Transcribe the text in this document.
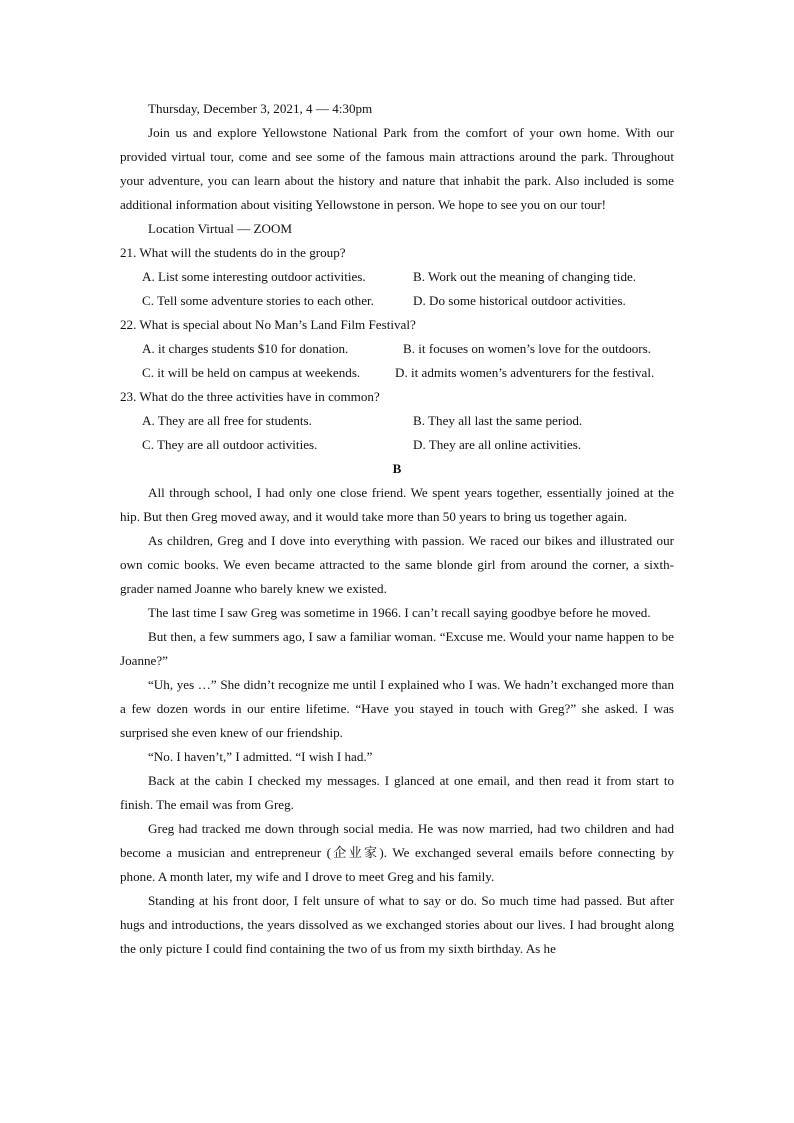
Thursday, December 3, 2021, 4 — 4:30pm

Join us and explore Yellowstone National Park from the comfort of your own home. With our provided virtual tour, come and see some of the famous main attractions around the park. Throughout your adventure, you can learn about the history and nature that inhabit the park. Also included is some additional information about visiting Yellowstone in person. We hope to see you on our tour!

Location Virtual — ZOOM

21. What will the students do in the group?

A. List some interesting outdoor activities.	B. Work out the meaning of changing tide.
C. Tell some adventure stories to each other.	D. Do some historical outdoor activities.

22. What is special about No Man’s Land Film Festival?

A. it charges students $10 for donation.	B. it focuses on women’s love for the outdoors.
C. it will be held on campus at weekends.	D. it admits women’s adventurers for the festival.

23. What do the three activities have in common?

A. They are all free for students.	B. They all last the same period.
C. They are all outdoor activities.	D. They are all online activities.

B

All through school, I had only one close friend. We spent years together, essentially joined at the hip. But then Greg moved away, and it would take more than 50 years to bring us together again.

As children, Greg and I dove into everything with passion. We raced our bikes and illustrated our own comic books. We even became attracted to the same blonde girl from around the corner, a sixth-grader named Joanne who barely knew we existed.

The last time I saw Greg was sometime in 1966. I can’t recall saying goodbye before he moved.

But then, a few summers ago, I saw a familiar woman. “Excuse me. Would your name happen to be Joanne?”

“Uh, yes …” She didn’t recognize me until I explained who I was. We hadn’t exchanged more than a few dozen words in our entire lifetime. “Have you stayed in touch with Greg?” she asked. I was surprised she even knew of our friendship.

“No. I haven’t,” I admitted. “I wish I had.”

Back at the cabin I checked my messages. I glanced at one email, and then read it from start to finish. The email was from Greg.

Greg had tracked me down through social media. He was now married, had two children and had become a musician and entrepreneur (企业家). We exchanged several emails before connecting by phone. A month later, my wife and I drove to meet Greg and his family.

Standing at his front door, I felt unsure of what to say or do. So much time had passed. But after hugs and introductions, the years dissolved as we exchanged stories about our lives. I had brought along the only picture I could find containing the two of us from my sixth birthday. As he
